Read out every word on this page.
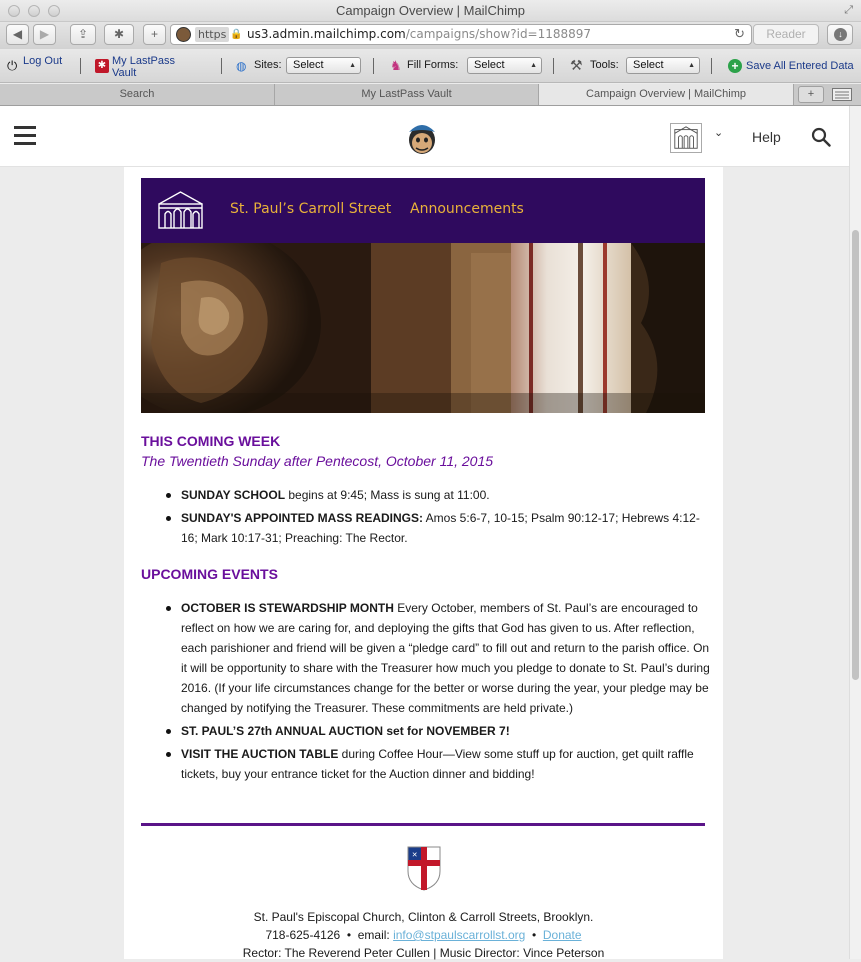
Campaign Overview | MailChimp	⤢
◀	▶	⇪	✱	+	https 🔒 us3.admin.mailchimp.com/campaigns/show?id=1188897	↻	Reader	↓
⏻ Log Out	✱ My LastPass Vault	◍ Sites:	Select	▲	♞ Fill Forms:	Select	▲ ⚒ Tools:	Select	▲	+ Save All Entered Data
Search	My LastPass Vault	Campaign Overview | MailChimp	+
⌄ Help
St. Paul’s Carroll Street Announcements
THIS COMING WEEK
The Twentieth Sunday after Pentecost, October 11, 2015
SUNDAY SCHOOL begins at 9:45; Mass is sung at 11:00.
SUNDAY'S APPOINTED MASS READINGS: Amos 5:6-7, 10-15; Psalm 90:12-17; Hebrews 4:12-16; Mark 10:17-31; Preaching: The Rector.
UPCOMING EVENTS
OCTOBER IS STEWARDSHIP MONTH Every October, members of St. Paul’s are encouraged to reflect on how we are caring for, and deploying the gifts that God has given to us. After reflection, each parishioner and friend will be given a “pledge card” to fill out and return to the parish office. On it will be opportunity to share with the Treasurer how much you pledge to donate to St. Paul’s during 2016. (If your life circumstances change for the better or worse during the year, your pledge may be changed by notifying the Treasurer. These commitments are held private.)
ST. PAUL’S 27th ANNUAL AUCTION set for NOVEMBER 7!
VISIT THE AUCTION TABLE during Coffee Hour—View some stuff up for auction, get quilt raffle tickets, buy your entrance ticket for the Auction dinner and bidding!
✕
St. Paul's Episcopal Church, Clinton & Carroll Streets, Brooklyn.
718-625-4126  •  email: info@stpaulscarrollst.org  •  Donate
Rector: The Reverend Peter Cullen | Music Director: Vince Peterson
